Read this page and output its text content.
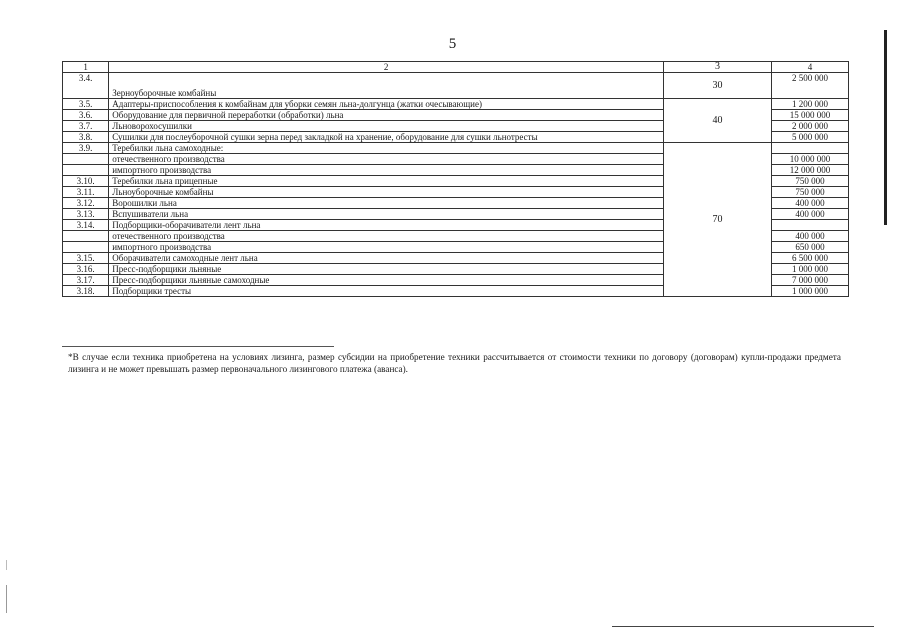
5
1	2	3	4
3.4.	Зерноуборочные комбайны	30	2 500 000
3.5.	Адаптеры-приспособления к комбайнам для уборки семян льна-долгунца (жатки очесывающие)	40	1 200 000
3.6.	Оборудование для первичной переработки (обработки) льна		15 000 000
3.7.	Льноворохосушилки		2 000 000
3.8.	Сушилки для послеуборочной сушки зерна перед закладкой на хранение, оборудование для сушки льнотресты		5 000 000
3.9.	Теребилки льна самоходные:	70	
	отечественного производства		10 000 000
	импортного производства		12 000 000
3.10.	Теребилки льна прицепные		750 000
3.11.	Льноуборочные комбайны		750 000
3.12.	Ворошилки льна		400 000
3.13.	Вспушиватели льна		400 000
3.14.	Подборщики-оборачиватели лент льна		
	отечественного производства		400 000
	импортного производства		650 000
3.15.	Оборачиватели самоходные лент льна		6 500 000
3.16.	Пресс-подборщики льняные		1 000 000
3.17.	Пресс-подборщики льняные самоходные		7 000 000
3.18.	Подборщики тресты		1 000 000
*В случае если техника приобретена на условиях лизинга, размер субсидии на приобретение техники рассчитывается от стоимости техники по договору (договорам) купли-продажи предмета лизинга и не может превышать размер первоначального лизингового платежа (аванса).
